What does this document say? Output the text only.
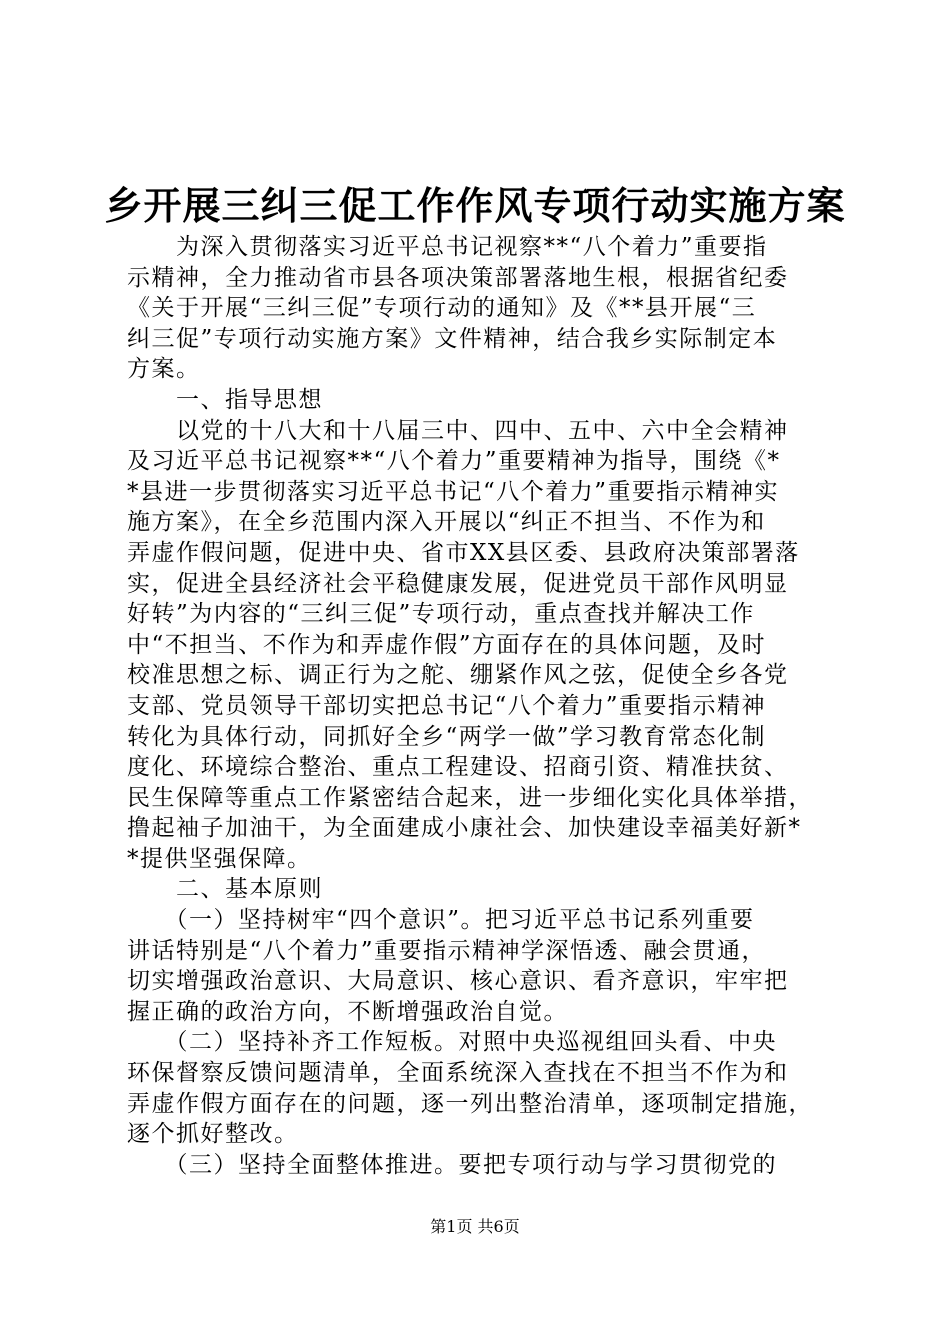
乡开展三纠三促工作作风专项行动实施方案

　　为深入贯彻落实习近平总书记视察**“八个着力”重要指

示精神，全力推动省市县各项决策部署落地生根，根据省纪委

《关于开展“三纠三促”专项行动的通知》及《**县开展“三

纠三促”专项行动实施方案》文件精神，结合我乡实际制定本

方案。

　　一、指导思想

　　以党的十八大和十八届三中、四中、五中、六中全会精神

及习近平总书记视察**“八个着力”重要精神为指导，围绕《*

*县进一步贯彻落实习近平总书记“八个着力”重要指示精神实

施方案》，在全乡范围内深入开展以“纠正不担当、不作为和

弄虚作假问题，促进中央、省市XX县区委、县政府决策部署落

实，促进全县经济社会平稳健康发展，促进党员干部作风明显

好转”为内容的“三纠三促”专项行动，重点查找并解决工作

中“不担当、不作为和弄虚作假”方面存在的具体问题，及时

校准思想之标、调正行为之舵、绷紧作风之弦，促使全乡各党

支部、党员领导干部切实把总书记“八个着力”重要指示精神

转化为具体行动，同抓好全乡“两学一做”学习教育常态化制

度化、环境综合整治、重点工程建设、招商引资、精准扶贫、

民生保障等重点工作紧密结合起来，进一步细化实化具体举措，

撸起袖子加油干，为全面建成小康社会、加快建设幸福美好新*

*提供坚强保障。

　　二、基本原则

　　（一）坚持树牢“四个意识”。把习近平总书记系列重要

讲话特别是“八个着力”重要指示精神学深悟透、融会贯通，

切实增强政治意识、大局意识、核心意识、看齐意识，牢牢把

握正确的政治方向，不断增强政治自觉。

　　（二）坚持补齐工作短板。对照中央巡视组回头看、中央

环保督察反馈问题清单，全面系统深入查找在不担当不作为和

弄虚作假方面存在的问题，逐一列出整治清单，逐项制定措施，

逐个抓好整改。

　　（三）坚持全面整体推进。要把专项行动与学习贯彻党的

第1页 共6页
